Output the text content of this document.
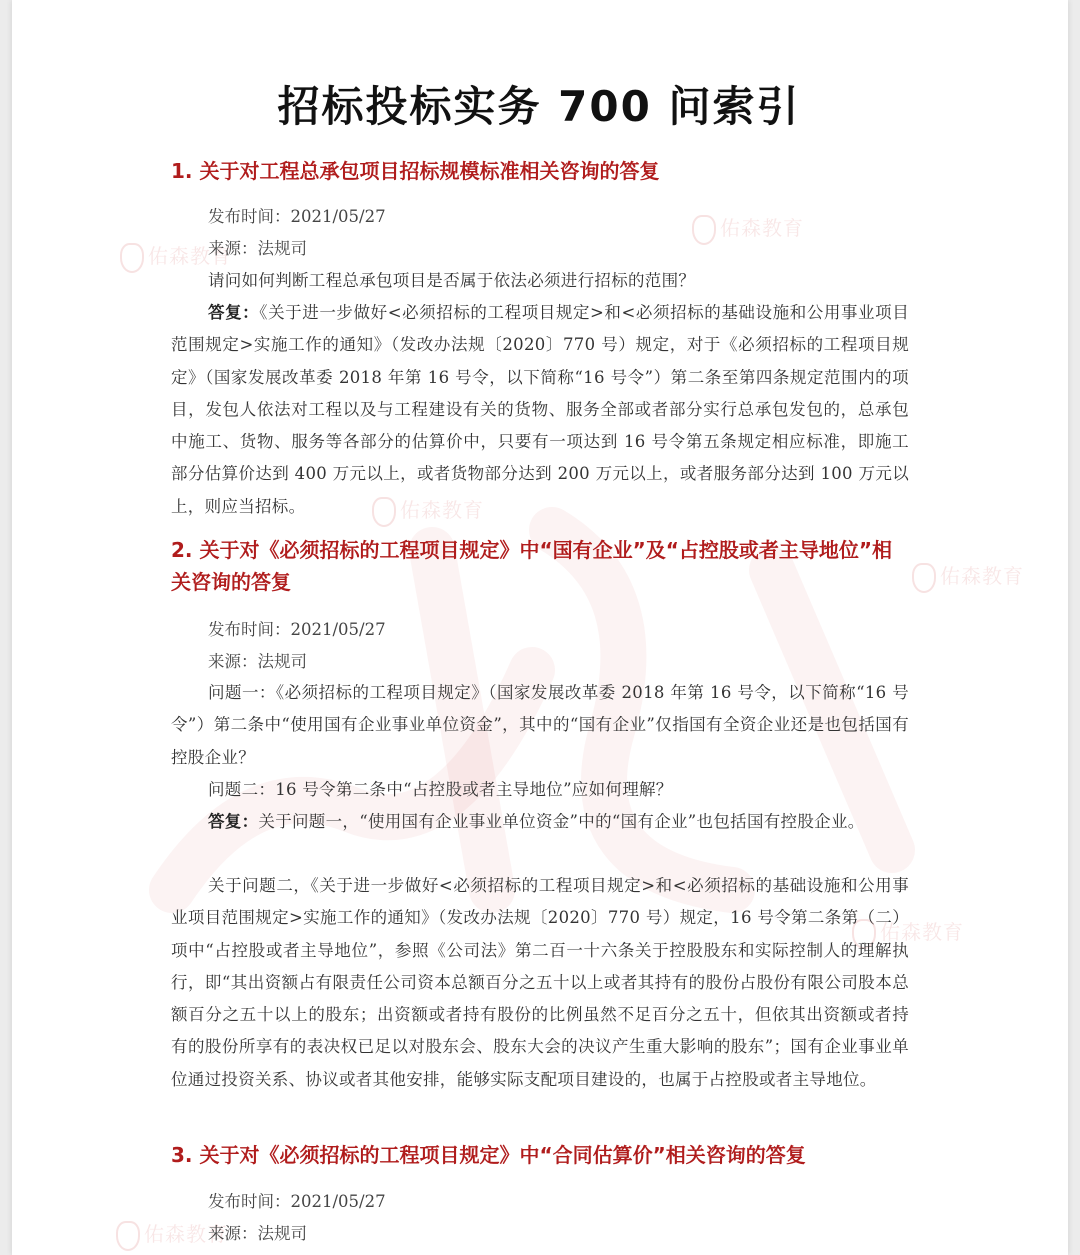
佑森教育
佑森教育
佑森教育
佑森教育
佑森教育
佑森教育
招标投标实务 700 问索引
1. 关于对工程总承包项目招标规模标准相关咨询的答复
发布时间：2021/05/27
来源：法规司
请问如何判断工程总承包项目是否属于依法必须进行招标的范围？
答复：《关于进一步做好<必须招标的工程项目规定>和<必须招标的基础设施和公用事业项目范围规定>实施工作的通知》（发改办法规〔2020〕770 号）规定，对于《必须招标的工程项目规定》（国家发展改革委 2018 年第 16 号令，以下简称“16 号令”）第二条至第四条规定范围内的项目，发包人依法对工程以及与工程建设有关的货物、服务全部或者部分实行总承包发包的，总承包中施工、货物、服务等各部分的估算价中，只要有一项达到 16 号令第五条规定相应标准，即施工部分估算价达到 400 万元以上，或者货物部分达到 200 万元以上，或者服务部分达到 100 万元以上，则应当招标。
2. 关于对《必须招标的工程项目规定》中“国有企业”及“占控股或者主导地位”相关咨询的答复
发布时间：2021/05/27
来源：法规司
问题一：《必须招标的工程项目规定》（国家发展改革委 2018 年第 16 号令，以下简称“16 号令”）第二条中“使用国有企业事业单位资金”，其中的“国有企业”仅指国有全资企业还是也包括国有控股企业？
问题二：16 号令第二条中“占控股或者主导地位”应如何理解？
答复：关于问题一，“使用国有企业事业单位资金”中的“国有企业”也包括国有控股企业。
关于问题二，《关于进一步做好<必须招标的工程项目规定>和<必须招标的基础设施和公用事业项目范围规定>实施工作的通知》（发改办法规〔2020〕770 号）规定，16 号令第二条第（二）项中“占控股或者主导地位”，参照《公司法》第二百一十六条关于控股股东和实际控制人的理解执行，即“其出资额占有限责任公司资本总额百分之五十以上或者其持有的股份占股份有限公司股本总额百分之五十以上的股东；出资额或者持有股份的比例虽然不足百分之五十，但依其出资额或者持有的股份所享有的表决权已足以对股东会、股东大会的决议产生重大影响的股东”；国有企业事业单位通过投资关系、协议或者其他安排，能够实际支配项目建设的，也属于占控股或者主导地位。
3. 关于对《必须招标的工程项目规定》中“合同估算价”相关咨询的答复
发布时间：2021/05/27
来源：法规司
